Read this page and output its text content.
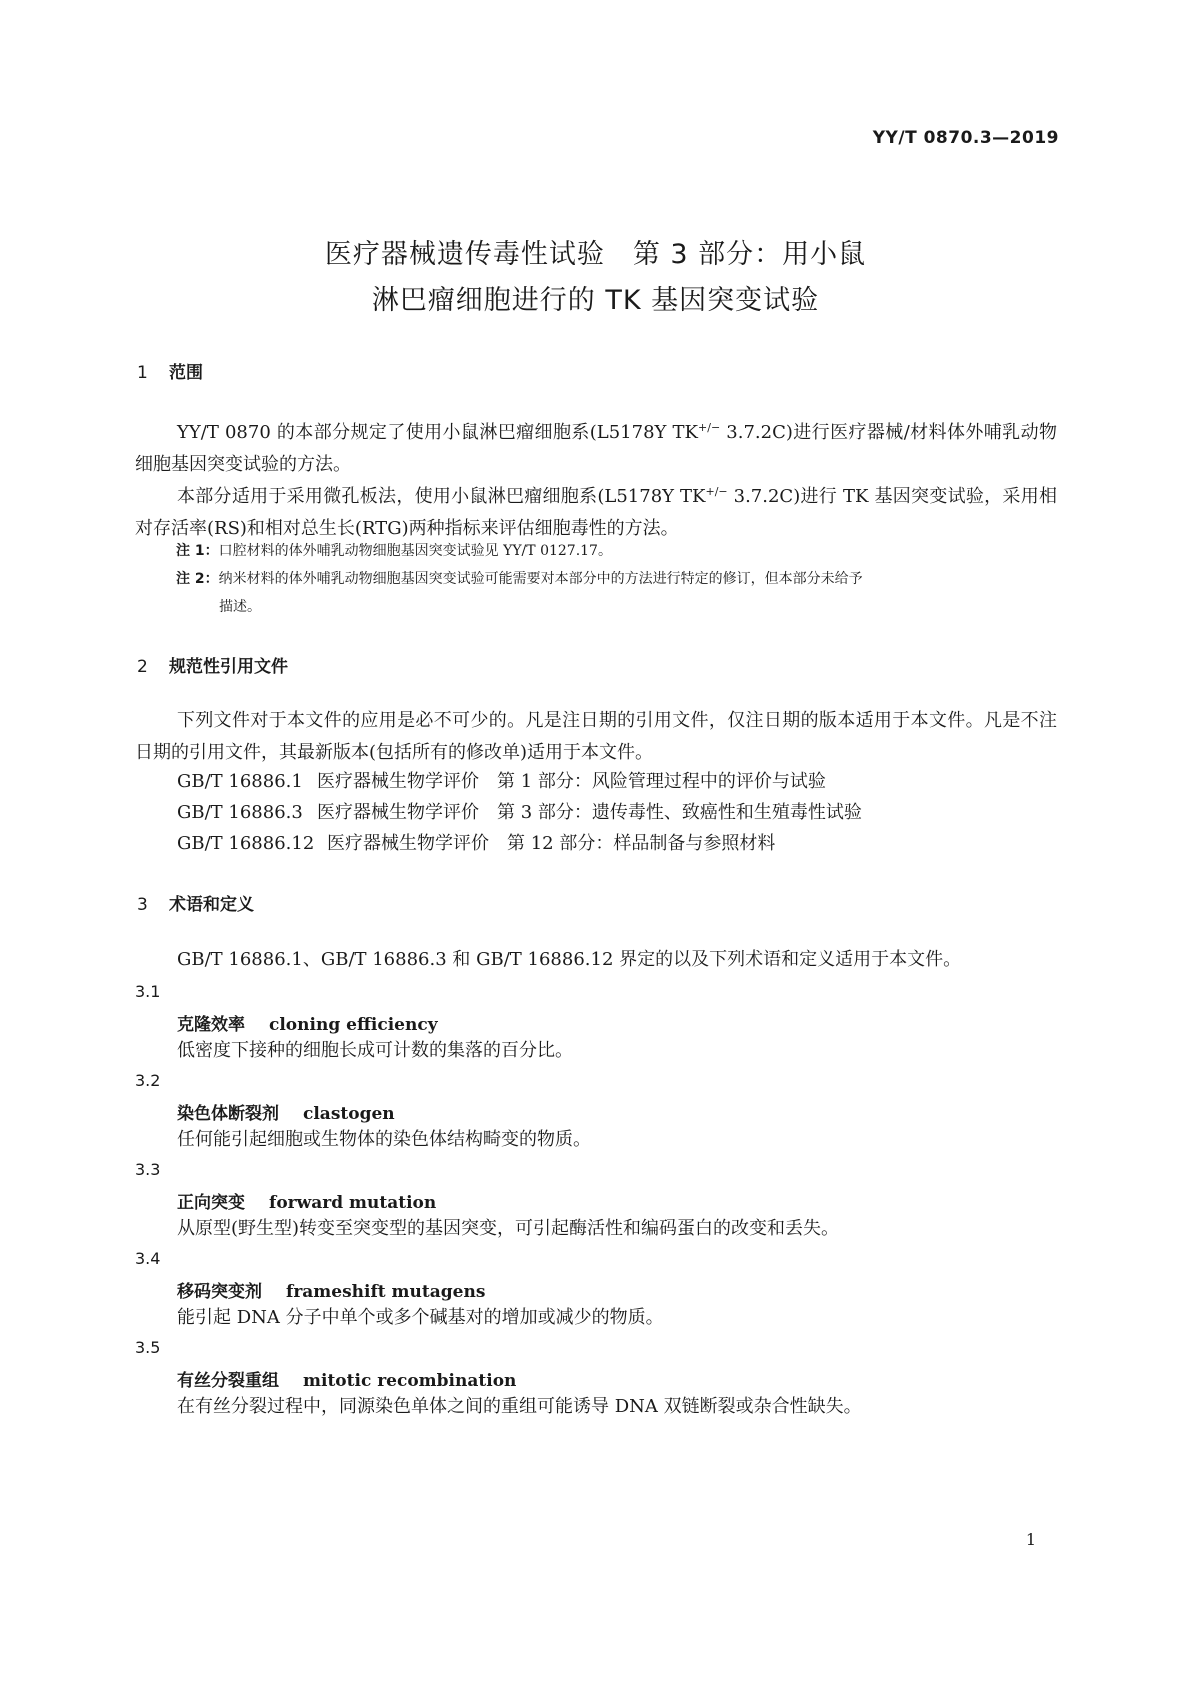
YY/T 0870.3—2019
医疗器械遗传毒性试验　第 3 部分：用小鼠
淋巴瘤细胞进行的 TK 基因突变试验
1 范围
YY/T 0870 的本部分规定了使用小鼠淋巴瘤细胞系(L5178Y TK+/− 3.7.2C)进行医疗器械/材料体外哺乳动物细胞基因突变试验的方法。
本部分适用于采用微孔板法，使用小鼠淋巴瘤细胞系(L5178Y TK+/− 3.7.2C)进行 TK 基因突变试验，采用相对存活率(RS)和相对总生长(RTG)两种指标来评估细胞毒性的方法。
注 1：口腔材料的体外哺乳动物细胞基因突变试验见 YY/T 0127.17。
注 2：纳米材料的体外哺乳动物细胞基因突变试验可能需要对本部分中的方法进行特定的修订，但本部分未给予
描述。
2 规范性引用文件
下列文件对于本文件的应用是必不可少的。凡是注日期的引用文件，仅注日期的版本适用于本文件。凡是不注日期的引用文件，其最新版本(包括所有的修改单)适用于本文件。
GB/T 16886.1 医疗器械生物学评价　第 1 部分：风险管理过程中的评价与试验
GB/T 16886.3 医疗器械生物学评价　第 3 部分：遗传毒性、致癌性和生殖毒性试验
GB/T 16886.12 医疗器械生物学评价　第 12 部分：样品制备与参照材料
3 术语和定义
GB/T 16886.1、GB/T 16886.3 和 GB/T 16886.12 界定的以及下列术语和定义适用于本文件。
3.1
克隆效率 cloning efficiency
低密度下接种的细胞长成可计数的集落的百分比。
3.2
染色体断裂剂 clastogen
任何能引起细胞或生物体的染色体结构畸变的物质。
3.3
正向突变 forward mutation
从原型(野生型)转变至突变型的基因突变，可引起酶活性和编码蛋白的改变和丢失。
3.4
移码突变剂 frameshift mutagens
能引起 DNA 分子中单个或多个碱基对的增加或减少的物质。
3.5
有丝分裂重组 mitotic recombination
在有丝分裂过程中，同源染色单体之间的重组可能诱导 DNA 双链断裂或杂合性缺失。
1
